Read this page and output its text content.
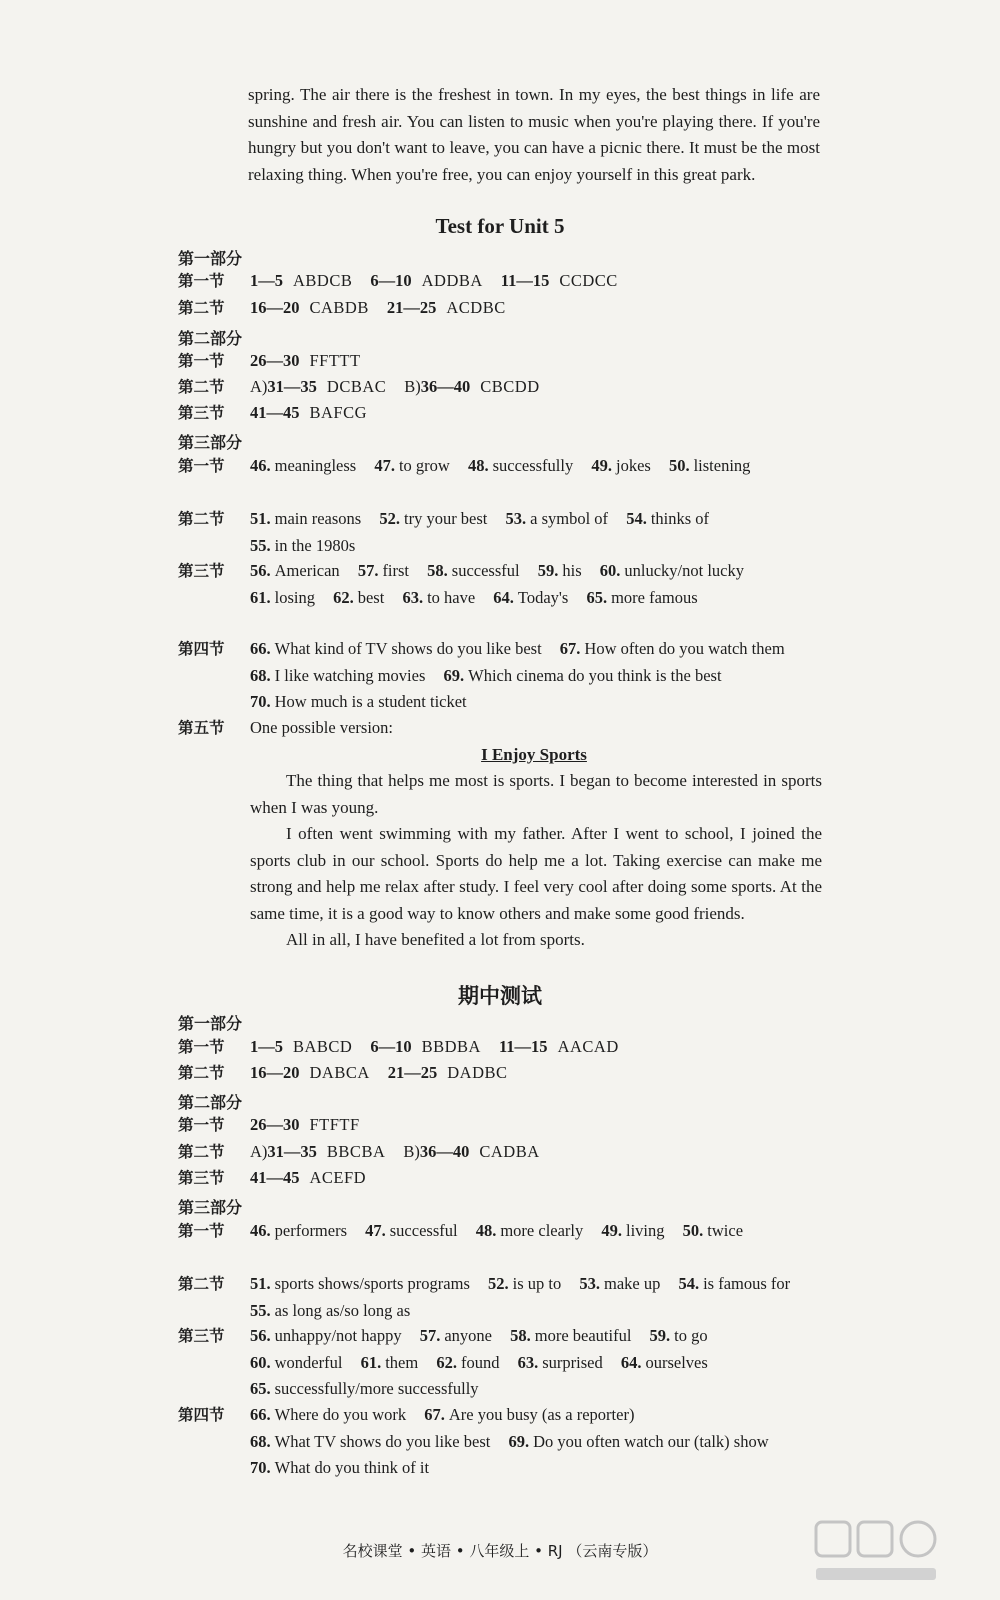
spring. The air there is the freshest in town. In my eyes, the best things in life are sunshine and fresh air. You can listen to music when you're playing there. If you're hungry but you don't want to leave, you can have a picnic there. It must be the most relaxing thing. When you're free, you can enjoy yourself in this great park.
Test for Unit 5
第一部分
第一节 1—5 ABDCB 6—10 ADDBA 11—15 CCDCC
第二节 16—20 CABDB 21—25 ACDBC
第二部分
第一节 26—30 FFTTT
第二节 A)31—35 DCBAC B)36—40 CBCDD
第三节 41—45 BAFCG
第三部分
第一节 46. meaningless 47. to grow 48. successfully 49. jokes 50. listening
第二节 51. main reasons 52. try your best 53. a symbol of 54. thinks of 55. in the 1980s
第三节 56. American 57. first 58. successful 59. his 60. unlucky/not lucky 61. losing 62. best 63. to have 64. Today's 65. more famous
第四节 66. What kind of TV shows do you like best 67. How often do you watch them 68. I like watching movies 69. Which cinema do you think is the best 70. How much is a student ticket
第五节 One possible version:
I Enjoy Sports

The thing that helps me most is sports. I began to become interested in sports when I was young.

I often went swimming with my father. After I went to school, I joined the sports club in our school. Sports do help me a lot. Taking exercise can make me strong and help me relax after study. I feel very cool after doing some sports. At the same time, it is a good way to know others and make some good friends.

All in all, I have benefited a lot from sports.

期中测试
第一部分
第一节 1—5 BABCD 6—10 BBDBA 11—15 AACAD
第二节 16—20 DABCA 21—25 DADBC
第二部分
第一节 26—30 FTFTF
第二节 A)31—35 BBCBA B)36—40 CADBA
第三节 41—45 ACEFD
第三部分
第一节 46. performers 47. successful 48. more clearly 49. living 50. twice
第二节 51. sports shows/sports programs 52. is up to 53. make up 54. is famous for 55. as long as/so long as
第三节 56. unhappy/not happy 57. anyone 58. more beautiful 59. to go 60. wonderful 61. them 62. found 63. surprised 64. ourselves 65. successfully/more successfully
第四节 66. Where do you work 67. Are you busy (as a reporter) 68. What TV shows do you like best 69. Do you often watch our (talk) show 70. What do you think of it
名校课堂 • 英语 • 八年级上 • RJ （云南专版）
